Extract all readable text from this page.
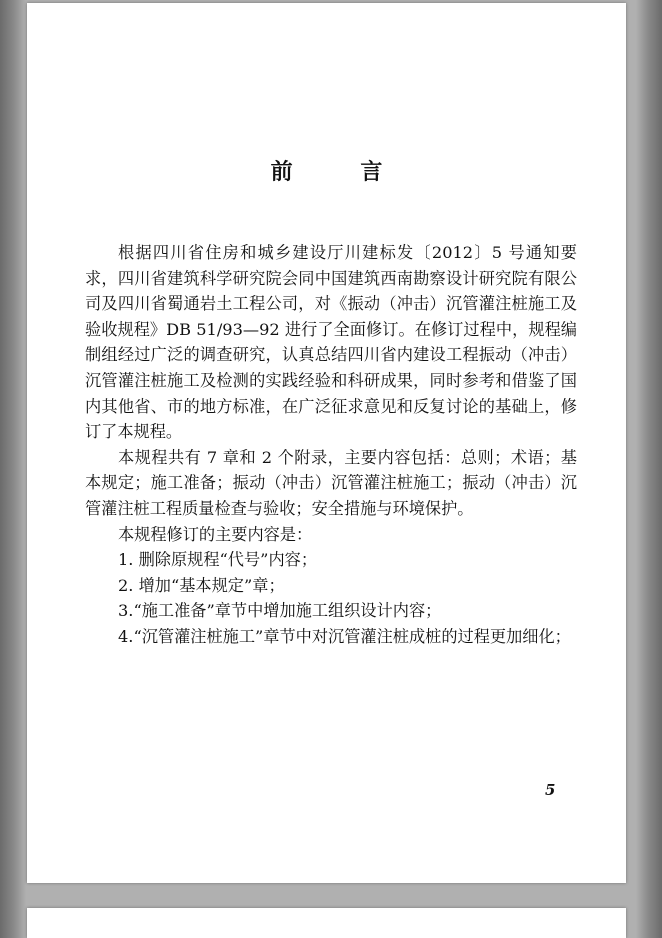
前 言

根据四川省住房和城乡建设厅川建标发〔2012〕5 号通知要求，四川省建筑科学研究院会同中国建筑西南勘察设计研究院有限公司及四川省蜀通岩土工程公司，对《振动（冲击）沉管灌注桩施工及验收规程》DB 51/93—92 进行了全面修订。在修订过程中，规程编制组经过广泛的调查研究，认真总结四川省内建设工程振动（冲击）沉管灌注桩施工及检测的实践经验和科研成果，同时参考和借鉴了国内其他省、市的地方标准，在广泛征求意见和反复讨论的基础上，修订了本规程。

本规程共有 7 章和 2 个附录，主要内容包括：总则；术语；基本规定；施工准备；振动（冲击）沉管灌注桩施工；振动（冲击）沉管灌注桩工程质量检查与验收；安全措施与环境保护。

本规程修订的主要内容是：

1. 删除原规程“代号”内容；

2. 增加“基本规定”章；

3.“施工准备”章节中增加施工组织设计内容；

4.“沉管灌注桩施工”章节中对沉管灌注桩成桩的过程更加细化；

5
